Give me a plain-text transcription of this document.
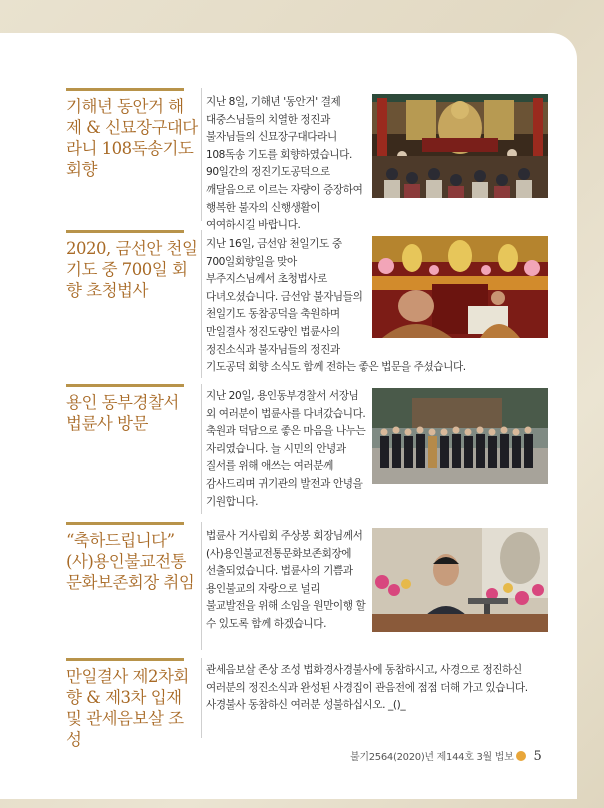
기해년 동안거 해제 & 신묘장구대다라니 108독송기도 회향

지난 8일, 기해년 '동안거' 결제 대중스님들의 치열한 정진과 불자님들의 신묘장구대다라니 108독송 기도를 회향하였습니다. 90일간의 정진기도공덕으로 깨달음으로 이르는 자량이 증장하여 행복한 불자의 신행생활이 여여하시길 바랍니다.

2020, 금선안 천일기도 중 700일 회향 초청법사

지난 16일, 금선암 천일기도 중 700일회향일을 맞아 부주지스님께서 초청법사로 다녀오셨습니다. 금선암 불자님들의 천일기도 동참공덕을 축원하며 만일결사 정진도량인 법륜사의 정진소식과 불자님들의 정진과 기도공덕 회향 소식도 함께 전하는 좋은 법문을 주셨습니다.

용인 동부경찰서 법륜사 방문

지난 20일, 용인동부경찰서 서장님 외 여러분이 법륜사를 다녀갔습니다. 축원과 덕담으로 좋은 마음을 나누는 자리였습니다. 늘 시민의 안녕과 질서를 위해 애쓰는 여러분께 감사드리며 귀기관의 발전과 안녕을 기원합니다.

“축하드립니다” (사)용인불교전통문화보존회장 취임

법륜사 거사림회 주상봉 회장님께서 (사)용인불교전통문화보존회장에 선출되었습니다. 법륜사의 기쁨과 용인불교의 자랑으로 널리 불교발전을 위해 소임을 원만이행 할 수 있도록 함께 하겠습니다.

만일결사 제2차회향 & 제3차 입재 및 관세음보살 조성

관세음보살 존상 조성 법화경사경불사에 동참하시고, 사경으로 정진하신 여러분의 정진소식과 완성된 사경집이 관음전에 점점 더해 가고 있습니다. 사경불사 동참하신 여러분 성불하십시오. _()_

불기2564(2020)년 제144호 3월 법보 5
